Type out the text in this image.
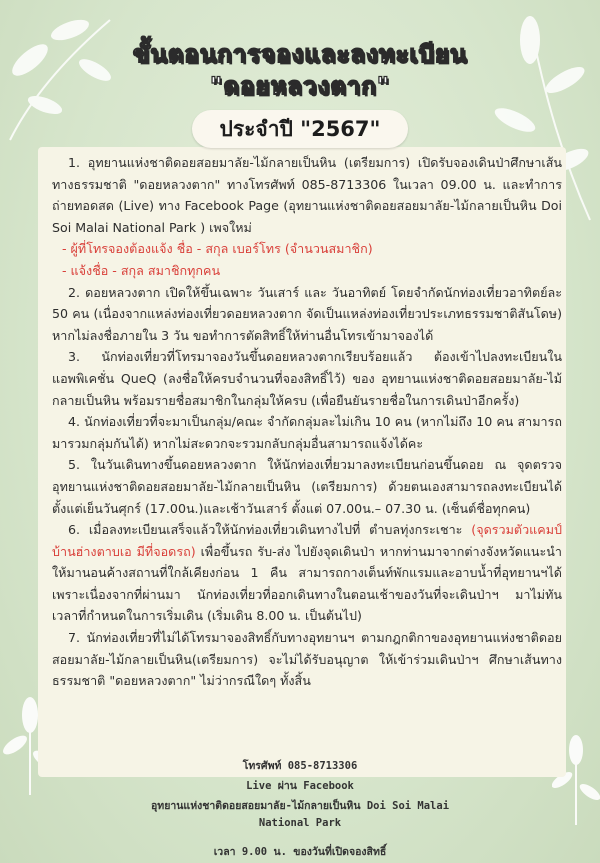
ขั้นตอนการจองและลงทะเบียน
"ดอยหลวงตาก"
ประจำปี "2567"

1. อุทยานแห่งชาติดอยสอยมาลัย-ไม้กลายเป็นหิน (เตรียมการ) เปิดรับจองเดินป่าศึกษาเส้นทางธรรมชาติ "ดอยหลวงตาก" ทางโทรศัพท์ 085-8713306 ในเวลา 09.00 น. และทำการถ่ายทอดสด (Live) ทาง Facebook Page (อุทยานแห่งชาติดอยสอยมาลัย-ไม้กลายเป็นหิน Doi Soi Malai National Park ) เพจใหม่

- ผู้ที่โทรจองต้องแจ้ง ชื่อ - สกุล เบอร์โทร (จำนวนสมาชิก)

- แจ้งชื่อ - สกุล สมาชิกทุกคน

2. ดอยหลวงตาก เปิดให้ขึ้นเฉพาะ วันเสาร์ และ วันอาทิตย์ โดยจำกัดนักท่องเที่ยวอาทิตย์ละ 50 คน (เนื่องจากแหล่งท่องเที่ยวดอยหลวงตาก จัดเป็นแหล่งท่องเที่ยวประเภทธรรมชาติสันโดษ) หากไม่ลงชื่อภายใน 3 วัน ขอทำการตัดสิทธิ์ให้ท่านอื่นโทรเข้ามาจองได้

3. นักท่องเที่ยวที่โทรมาจองวันขึ้นดอยหลวงตากเรียบร้อยแล้ว ต้องเข้าไปลงทะเบียนในแอพพิเคชั่น QueQ (ลงชื่อให้ครบจำนวนที่จองสิทธิ์ไว้) ของ อุทยานแห่งชาติดอยสอยมาลัย-ไม้กลายเป็นหิน พร้อมรายชื่อสมาชิกในกลุ่มให้ครบ (เพื่อยืนยันรายชื่อในการเดินป่าอีกครั้ง)

4. นักท่องเที่ยวที่จะมาเป็นกลุ่ม/คณะ จำกัดกลุ่มละไม่เกิน 10 คน (หากไม่ถึง 10 คน สามารถมารวมกลุ่มกันได้) หากไม่สะดวกจะรวมกลับกลุ่มอื่นสามารถแจ้งได้คะ

5. ในวันเดินทางขึ้นดอยหลวงตาก ให้นักท่องเที่ยวมาลงทะเบียนก่อนขึ้นดอย ณ จุดตรวจ อุทยานแห่งชาติดอยสอยมาลัย-ไม้กลายเป็นหิน (เตรียมการ) ด้วยตนเองสามารถลงทะเบียนได้ตั้งแต่เย็นวันศุกร์ (17.00น.)และเช้าวันเสาร์ ตั้งแต่ 07.00น.– 07.30 น. (เซ็นต์ชื่อทุกคน)

6. เมื่อลงทะเบียนเสร็จแล้วให้นักท่องเที่ยวเดินทางไปที่ ตำบลทุ่งกระเชาะ (จุดรวมตัวแคมป์บ้านฮ่างตาบเอ มีที่จอดรถ) เพื่อขึ้นรถ รับ-ส่ง ไปยังจุดเดินป่า หากท่านมาจากต่างจังหวัดแนะนำให้มานอนค้างสถานที่ใกล้เคียงก่อน 1 คืน สามารถกางเต็นท์พักแรมและอาบน้ำที่อุทยานฯได้ เพราะเนื่องจากที่ผ่านมา นักท่องเที่ยวที่ออกเดินทางในตอนเช้าของวันที่จะเดินป่าฯ มาไม่ทันเวลาที่กำหนดในการเริ่มเดิน (เริ่มเดิน 8.00 น. เป็นต้นไป)

7. นักท่องเที่ยวที่ไม่ได้โทรมาจองสิทธิ์กับทางอุทยานฯ ตามกฎกติกาของอุทยานแห่งชาติดอยสอยมาลัย-ไม้กลายเป็นหิน(เตรียมการ) จะไม่ได้รับอนุญาต ให้เข้าร่วมเดินป่าฯ ศึกษาเส้นทางธรรมชาติ "ดอยหลวงตาก" ไม่ว่ากรณีใดๆ ทั้งสิ้น

โทรศัพท์ 085-8713306
Live ผ่าน Facebook
อุทยานแห่งชาติดอยสอยมาลัย-ไม้กลายเป็นหิน Doi Soi Malai
National Park
เวลา 9.00 น. ของวันที่เปิดจองสิทธิ์
